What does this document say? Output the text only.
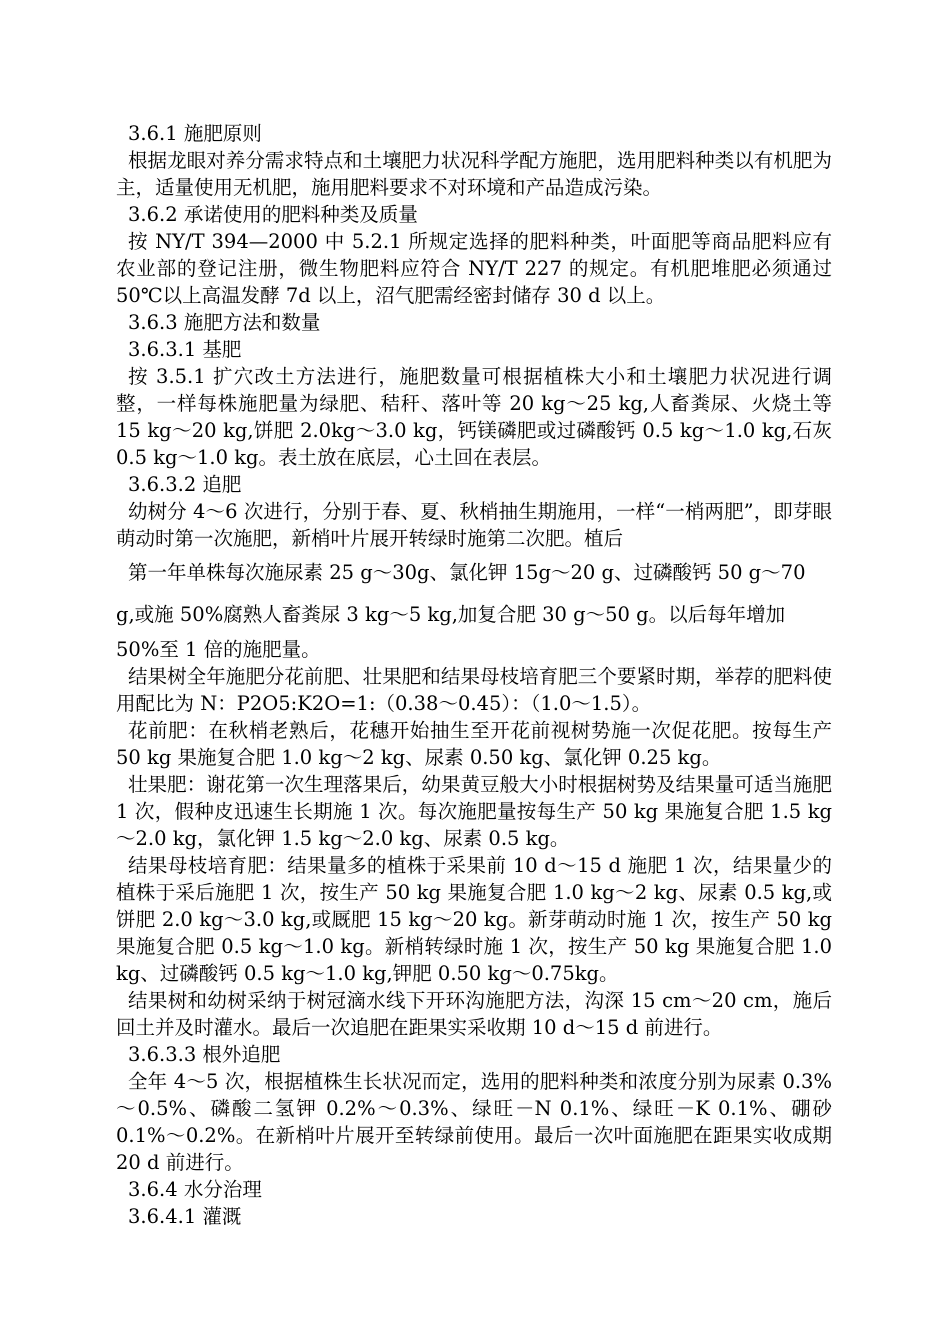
3.6.1 施肥原则
根据龙眼对养分需求特点和土壤肥力状况科学配方施肥，选用肥料种类以有机肥为主，适量使用无机肥，施用肥料要求不对环境和产品造成污染。
3.6.2 承诺使用的肥料种类及质量
按 NY/T 394—2000 中 5.2.1 所规定选择的肥料种类，叶面肥等商品肥料应有农业部的登记注册，微生物肥料应符合 NY/T 227 的规定。有机肥堆肥必须通过 50℃以上高温发酵 7d 以上，沼气肥需经密封储存 30 d 以上。
3.6.3 施肥方法和数量
3.6.3.1 基肥
按 3.5.1 扩穴改土方法进行，施肥数量可根据植株大小和土壤肥力状况进行调整，一样每株施肥量为绿肥、秸秆、落叶等 20 kg～25 kg,人畜粪尿、火烧土等 15 kg～20 kg,饼肥 2.0kg～3.0 kg，钙镁磷肥或过磷酸钙 0.5 kg～1.0 kg,石灰 0.5 kg～1.0 kg。表土放在底层，心土回在表层。
3.6.3.2 追肥
幼树分 4～6 次进行，分别于春、夏、秋梢抽生期施用，一样“一梢两肥”，即芽眼萌动时第一次施肥，新梢叶片展开转绿时施第二次肥。植后
第一年单株每次施尿素 25 g～30g、氯化钾 15g～20 g、过磷酸钙 50 g～70
g,或施 50%腐熟人畜粪尿 3 kg～5 kg,加复合肥 30 g～50 g。以后每年增加
50%至 1 倍的施肥量。
结果树全年施肥分花前肥、壮果肥和结果母枝培育肥三个要紧时期，举荐的肥料使用配比为 N：P2O5:K2O=1:（0.38～0.45）：（1.0～1.5）。
花前肥：在秋梢老熟后，花穗开始抽生至开花前视树势施一次促花肥。按每生产 50 kg 果施复合肥 1.0 kg～2 kg、尿素 0.50 kg、氯化钾 0.25 kg。
壮果肥：谢花第一次生理落果后，幼果黄豆般大小时根据树势及结果量可适当施肥 1 次，假种皮迅速生长期施 1 次。每次施肥量按每生产 50 kg 果施复合肥 1.5 kg～2.0 kg，氯化钾 1.5 kg～2.0 kg、尿素 0.5 kg。
结果母枝培育肥：结果量多的植株于采果前 10 d～15 d 施肥 1 次，结果量少的植株于采后施肥 1 次，按生产 50 kg 果施复合肥 1.0 kg～2 kg、尿素 0.5 kg,或饼肥 2.0 kg～3.0 kg,或厩肥 15 kg～20 kg。新芽萌动时施 1 次，按生产 50 kg 果施复合肥 0.5 kg～1.0 kg。新梢转绿时施 1 次，按生产 50 kg 果施复合肥 1.0 kg、过磷酸钙 0.5 kg～1.0 kg,钾肥 0.50 kg～0.75kg。
结果树和幼树采纳于树冠滴水线下开环沟施肥方法，沟深 15 cm～20 cm，施后回土并及时灌水。最后一次追肥在距果实采收期 10 d～15 d 前进行。
3.6.3.3 根外追肥
全年 4～5 次，根据植株生长状况而定，选用的肥料种类和浓度分别为尿素 0.3%～0.5%、磷酸二氢钾 0.2%～0.3%、绿旺－N 0.1%、绿旺－K 0.1%、硼砂 0.1%～0.2%。在新梢叶片展开至转绿前使用。最后一次叶面施肥在距果实收成期 20 d 前进行。
3.6.4 水分治理
3.6.4.1 灌溉
